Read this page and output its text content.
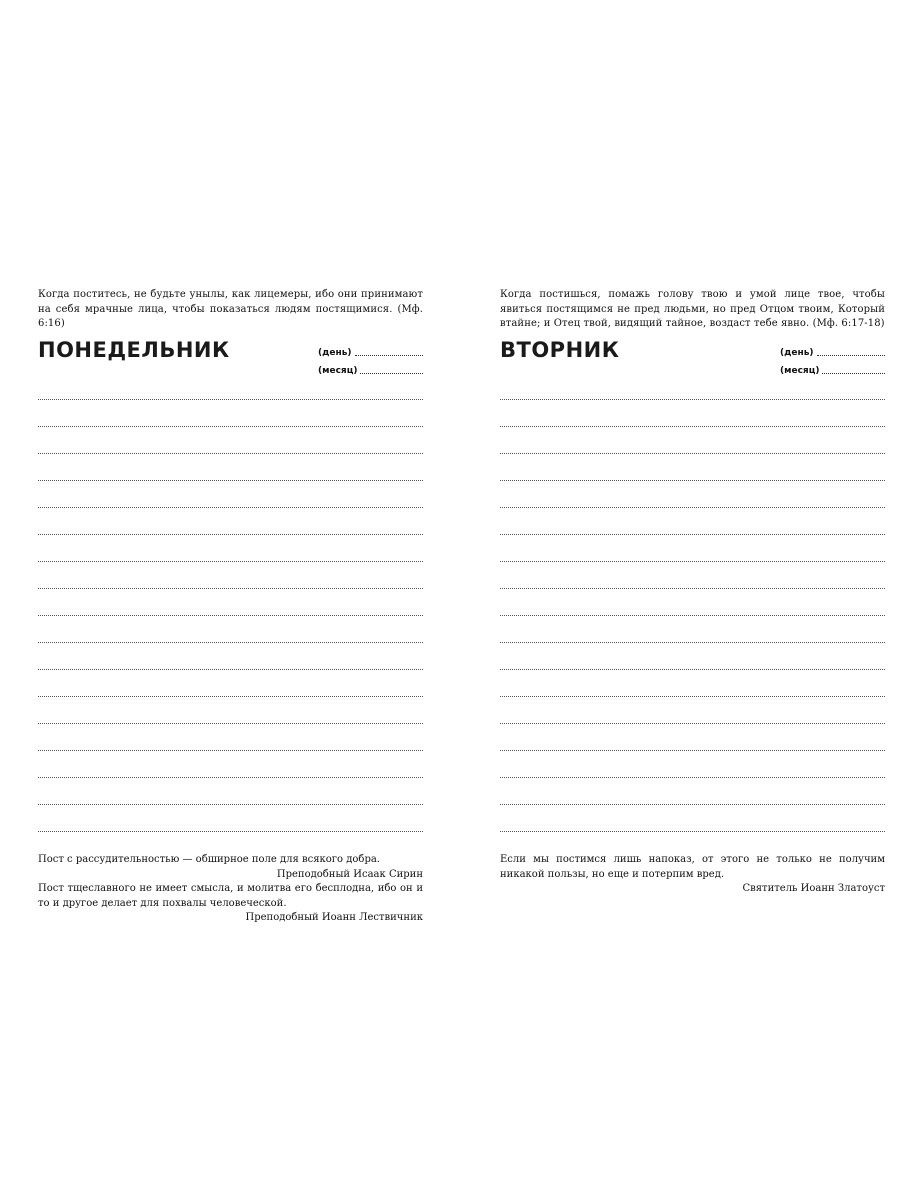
Когда поститесь, не будьте унылы, как лицемеры, ибо они принимают на себя мрачные лица, чтобы показаться людям постящимися. (Мф. 6:16)
ПОНЕДЕЛЬНИК	(день)
(месяц)
Пост с рассудительностью — обширное поле для всякого добра.
Преподобный Исаак Сирин
Пост тщеславного не имеет смысла, и молитва его бесплодна, ибо он и то и другое делает для похвалы человеческой.
Преподобный Иоанн Лествичник
Когда постишься, помажь голову твою и умой лице твое, чтобы явиться постящимся не пред людьми, но пред Отцом твоим, Который втайне; и Отец твой, видящий тайное, воздаст тебе явно. (Мф. 6:17-18)
ВТОРНИК	(день)
(месяц)
Если мы постимся лишь напоказ, от этого не только не получим никакой пользы, но еще и потерпим вред.
Святитель Иоанн Златоуст
